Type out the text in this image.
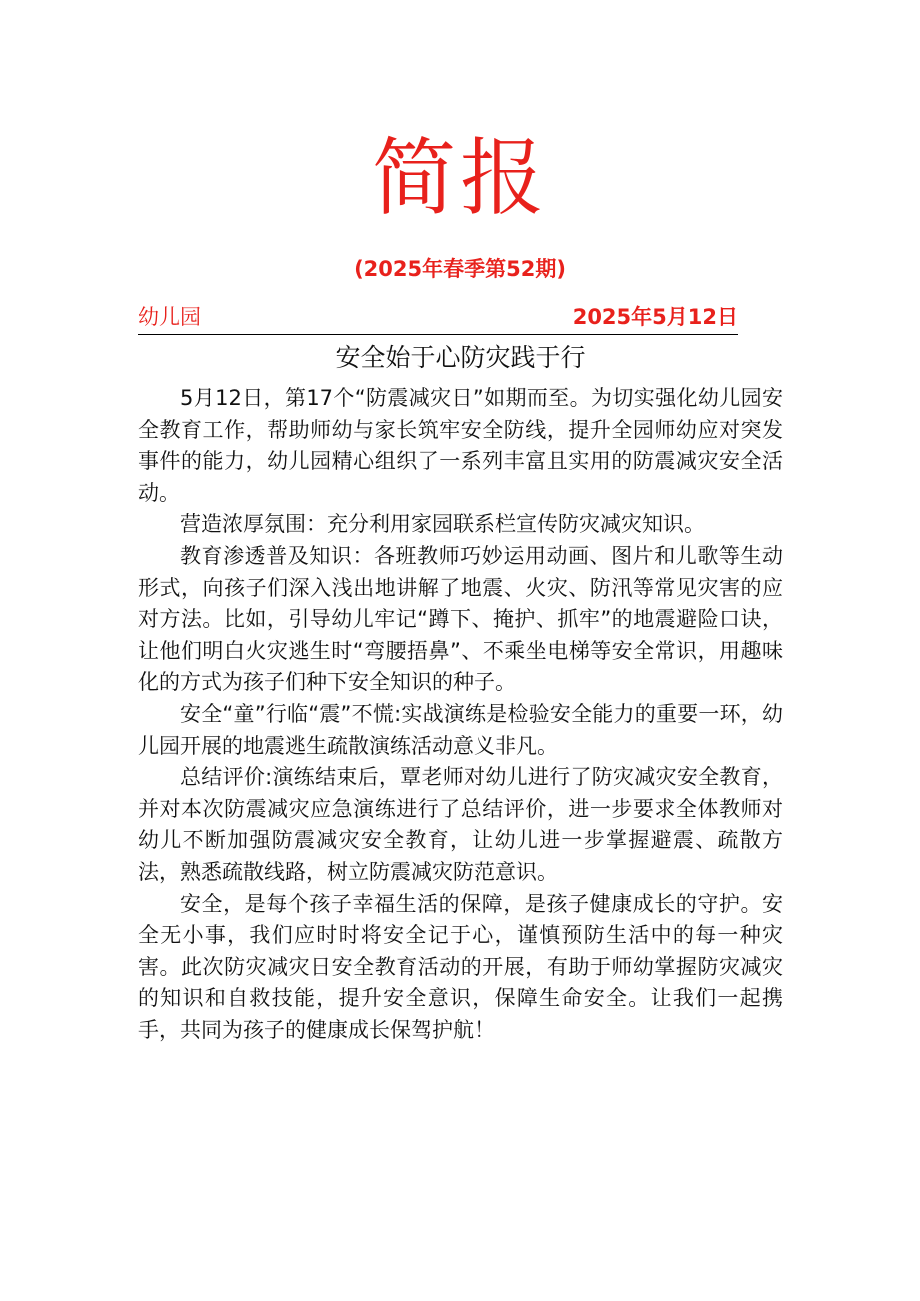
简报
(2025年春季第52期)
幼儿园	2025年5月12日
安全始于心防灾践于行

5月12日，第17个“防震减灾日”如期而至。为切实强化幼儿园安全教育工作，帮助师幼与家长筑牢安全防线，提升全园师幼应对突发事件的能力，幼儿园精心组织了一系列丰富且实用的防震减灾安全活动。

营造浓厚氛围：充分利用家园联系栏宣传防灾减灾知识。

教育渗透普及知识：各班教师巧妙运用动画、图片和儿歌等生动形式，向孩子们深入浅出地讲解了地震、火灾、防汛等常见灾害的应对方法。比如，引导幼儿牢记“蹲下、掩护、抓牢”的地震避险口诀，让他们明白火灾逃生时“弯腰捂鼻”、不乘坐电梯等安全常识，用趣味化的方式为孩子们种下安全知识的种子。

安全“童”行临“震”不慌:实战演练是检验安全能力的重要一环，幼儿园开展的地震逃生疏散演练活动意义非凡。

总结评价:演练结束后，覃老师对幼儿进行了防灾减灾安全教育，并对本次防震减灾应急演练进行了总结评价，进一步要求全体教师对幼儿不断加强防震减灾安全教育，让幼儿进一步掌握避震、疏散方法，熟悉疏散线路，树立防震减灾防范意识。

安全，是每个孩子幸福生活的保障，是孩子健康成长的守护。安全无小事，我们应时时将安全记于心，谨慎预防生活中的每一种灾害。此次防灾减灾日安全教育活动的开展，有助于师幼掌握防灾减灾的知识和自救技能，提升安全意识，保障生命安全。让我们一起携手，共同为孩子的健康成长保驾护航！
